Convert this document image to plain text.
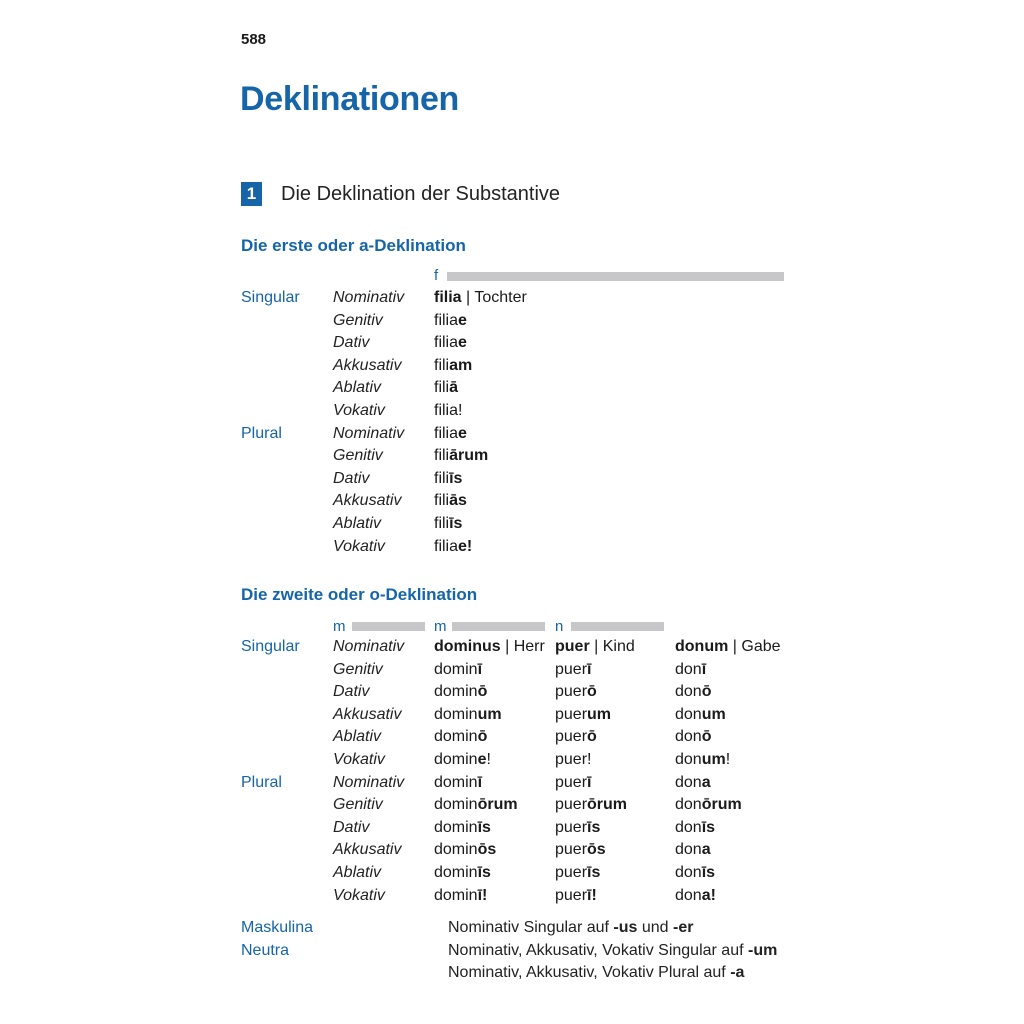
588
Deklinationen
1 Die Deklination der Substantive
Die erste oder a-Deklination
f
Singular Nominativ filia | Tochter
Genitiv	filiae
Dativ	filiae
Akkusativ filiam
Ablativ	filiā
Vokativ	filia!
Plural	Nominativ filiae
Genitiv	filiārum
Dativ	filiīs
Akkusativ filiās
Ablativ	filiīs
Vokativ	filiae!
Die zweite oder o-Deklination
m	m	n
Singular Nominativ dominus | Herr puer | Kind	donum | Gabe
Genitiv	dominī	puerī	donī
Dativ	dominō	puerō	donō
Akkusativ dominum	puerum	donum
Ablativ	dominō	puerō	donō
Vokativ	domine!	puer!	donum!
Plural	Nominativ dominī	puerī	dona
Genitiv	dominōrum puerōrum	donōrum
Dativ	dominīs	puerīs	donīs
Akkusativ dominōs	puerōs	dona
Ablativ	dominīs	puerīs	donīs
Vokativ	dominī!	puerī!	dona!
Maskulina	Nominativ Singular auf -us und -er
Neutra	Nominativ, Akkusativ, Vokativ Singular auf -um
Nominativ, Akkusativ, Vokativ Plural auf -a
